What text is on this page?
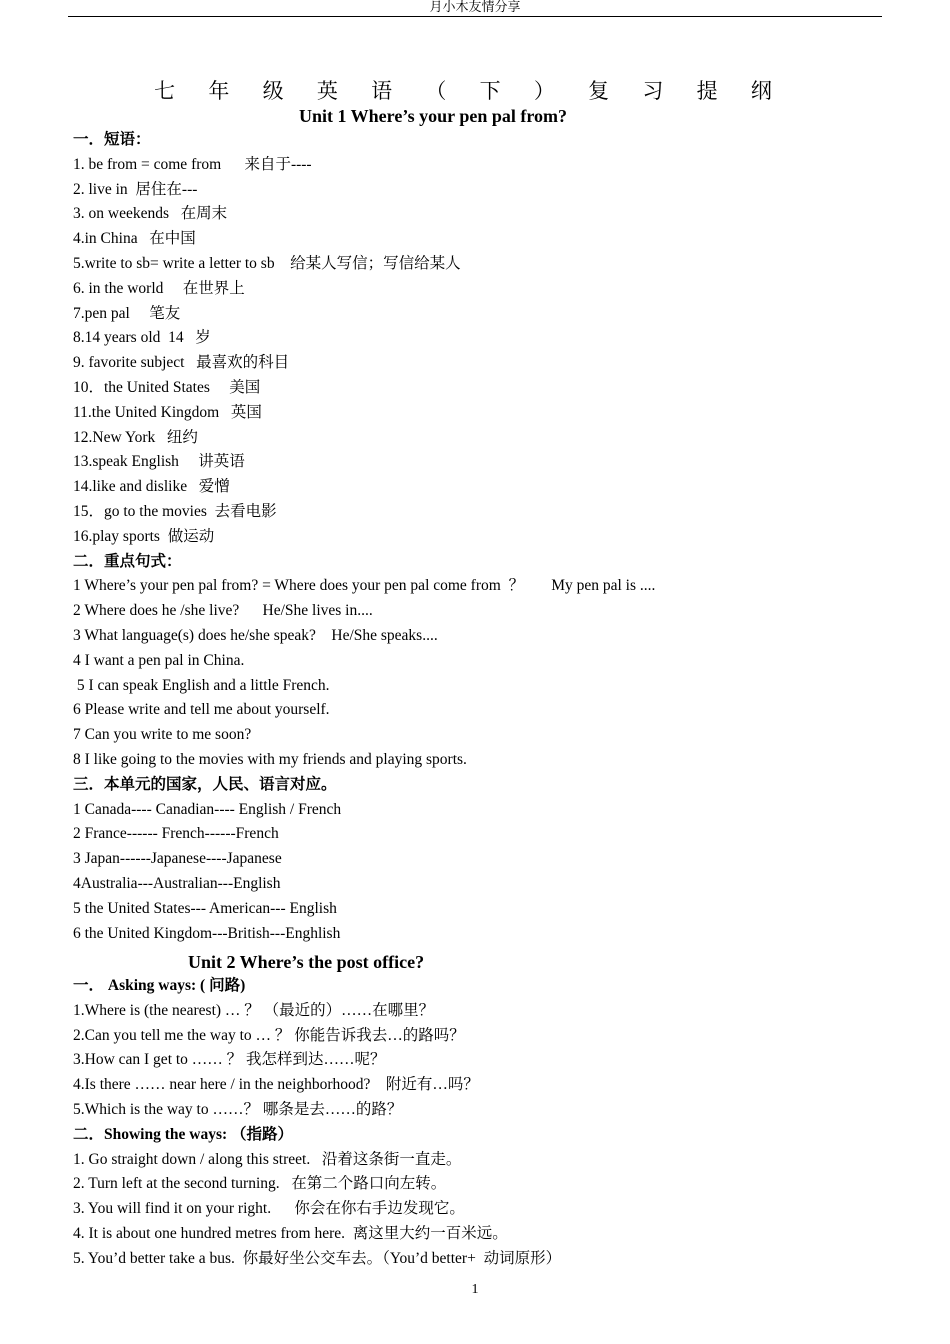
月小木友情分享
七 年 级 英 语 （ 下 ） 复 习 提 纲
Unit 1 Where’s your pen pal from?
一．短语：
1. be from = come from      来自于----
2. live in  居住在---
3. on weekends   在周末
4.in China   在中国
5.write to sb= write a letter to sb    给某人写信；写信给某人
6. in the world     在世界上
7.pen pal     笔友
8.14 years old  14   岁
9. favorite subject   最喜欢的科目
10．the United States     美国
11.the United Kingdom   英国
12.New York   纽约
13.speak English     讲英语
14.like and dislike   爱憎
15．go to the movies  去看电影
16.play sports  做运动
二．重点句式：
1 Where’s your pen pal from? = Where does your pen pal come from  ？       My pen pal is ....
2 Where does he /she live?      He/She lives in....
3 What language(s) does he/she speak?    He/She speaks....
4 I want a pen pal in China.
5 I can speak English and a little French.
6 Please write and tell me about yourself.
7 Can you write to me soon?
8 I like going to the movies with my friends and playing sports.
三．本单元的国家，人民、语言对应。
1 Canada---- Canadian---- English / French
2 France------ French------French
3 Japan------Japanese----Japanese
4Australia---Australian---English
5 the United States--- American--- English
6 the United Kingdom---British---Enghlish
Unit 2 Where’s the post office?
一． Asking ways: ( 问路)
1.Where is (the nearest) … ？ （最近的）……在哪里？
2.Can you tell me the way to … ？ 你能告诉我去…的路吗？
3.How can I get to …… ？ 我怎样到达……呢？
4.Is there …… near here / in the neighborhood?    附近有…吗？
5.Which is the way to ……？ 哪条是去……的路？
二．Showing the ways: （指路）
1. Go straight down / along this street.   沿着这条街一直走。
2. Turn left at the second turning.   在第二个路口向左转。
3. You will find it on your right.      你会在你右手边发现它。
4. It is about one hundred metres from here.  离这里大约一百米远。
5. You’d better take a bus.  你最好坐公交车去。（You’d better+  动词原形）
1
